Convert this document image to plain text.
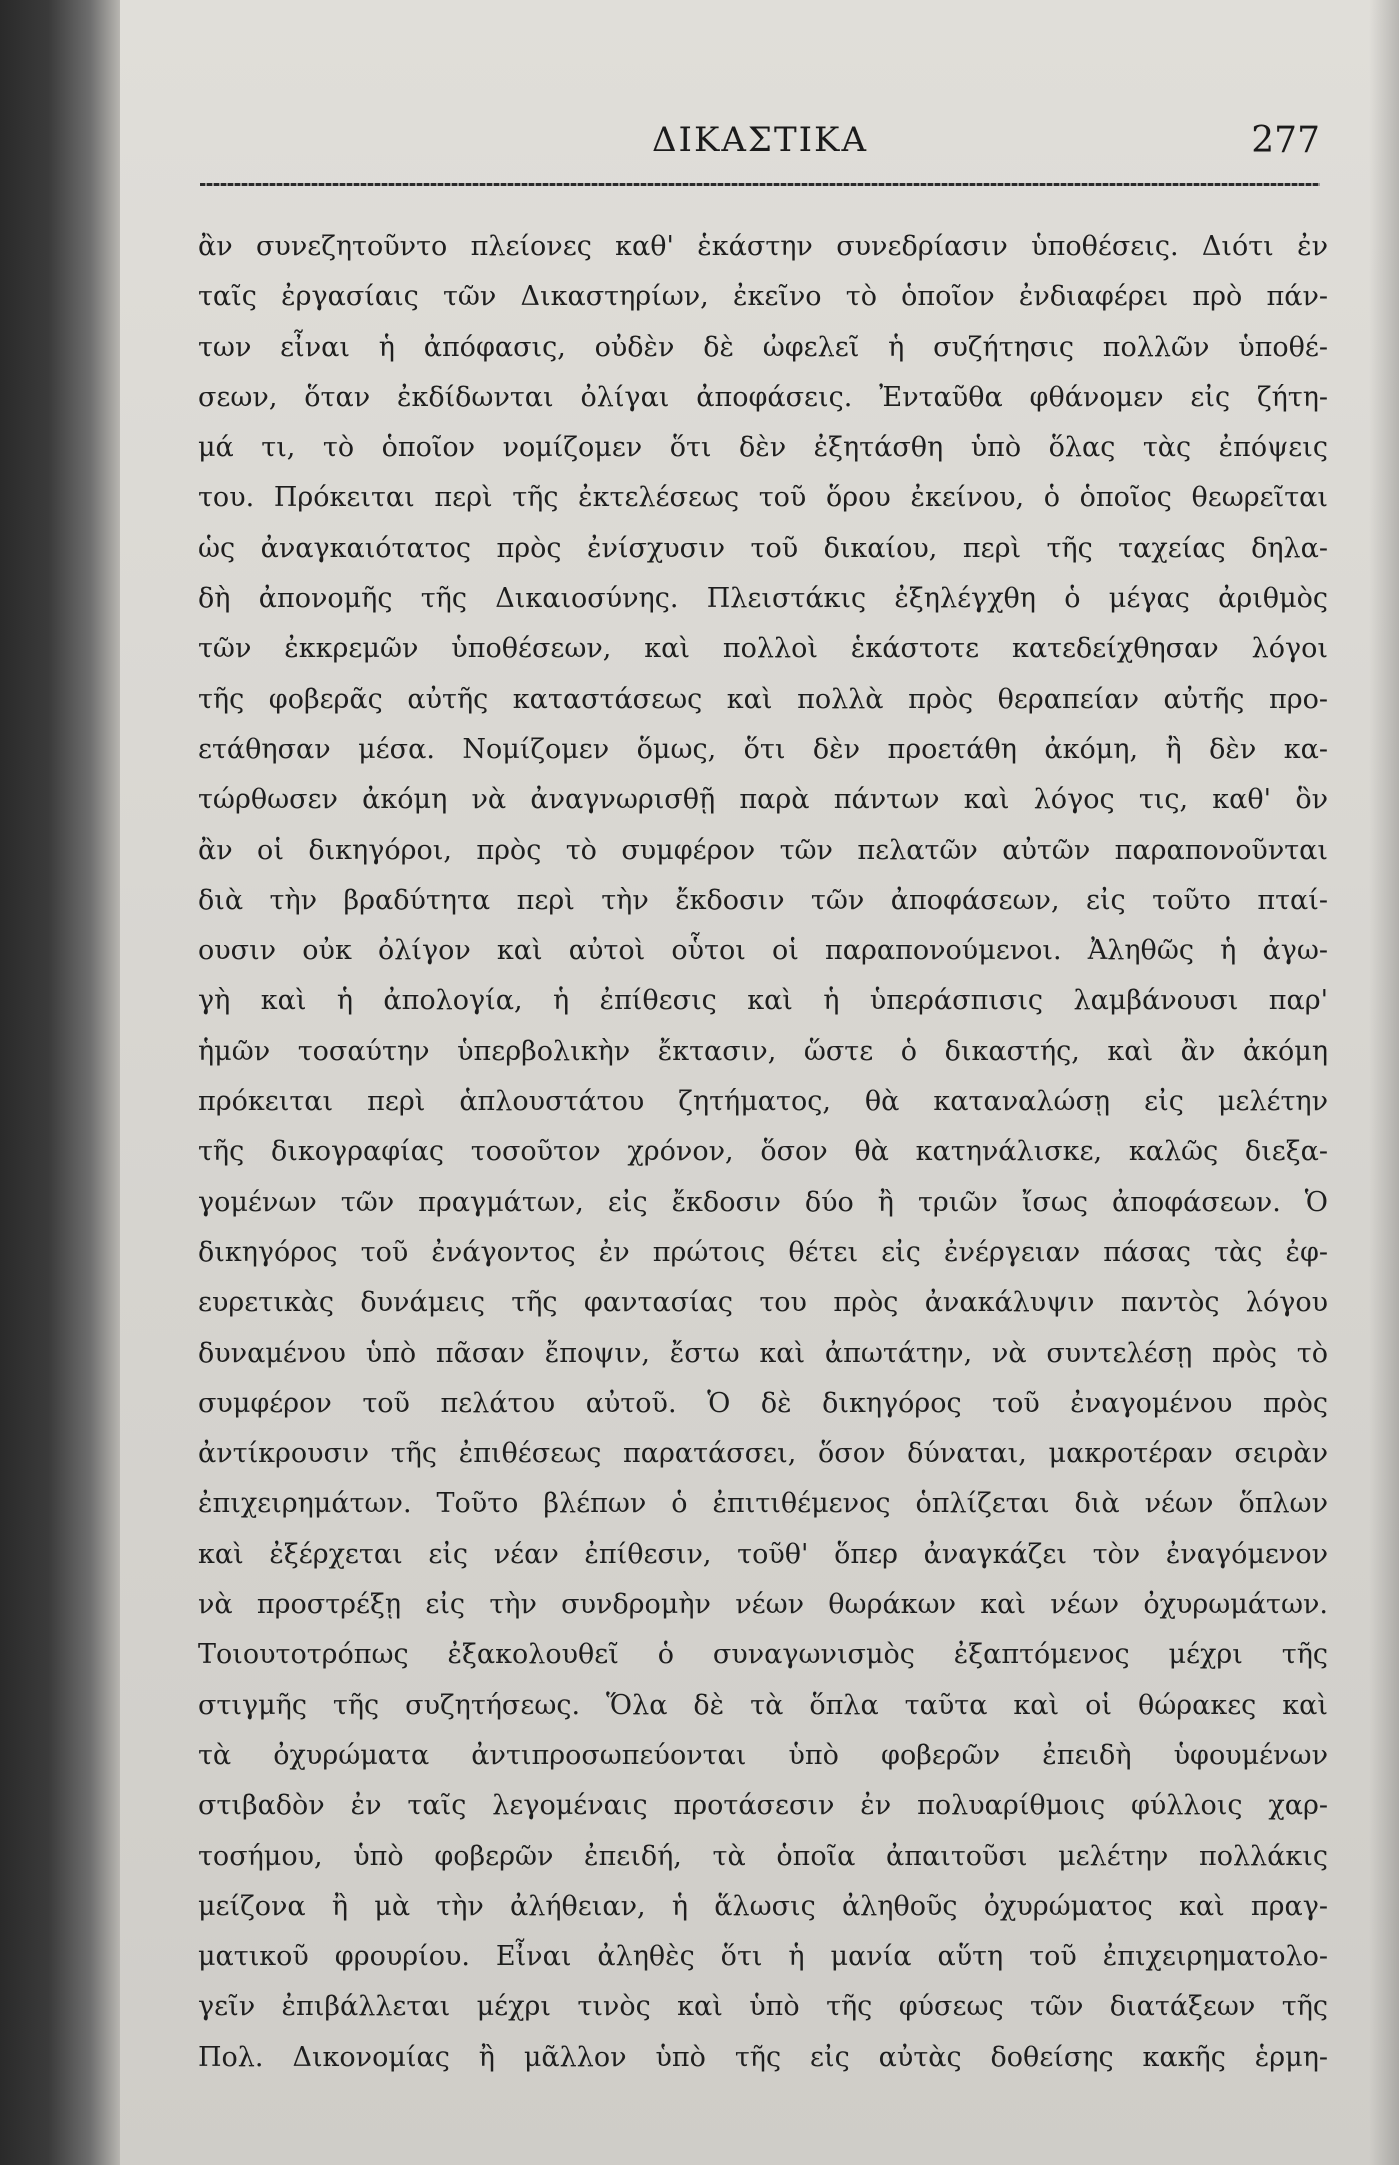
ΔΙΚΑΣΤΙΚΑ	277
ἂν συνεζητοῦντο πλείονες καθ' ἑκάστην συνεδρίασιν ὑποθέσεις. Διότι ἐν
ταῖς ἐργασίαις τῶν Δικαστηρίων, ἐκεῖνο τὸ ὁποῖον ἐνδιαφέρει πρὸ πάν-
των εἶναι ἡ ἀπόφασις, οὐδὲν δὲ ὠφελεῖ ἡ συζήτησις πολλῶν ὑποθέ-
σεων, ὅταν ἐκδίδωνται ὀλίγαι ἀποφάσεις. Ἐνταῦθα φθάνομεν εἰς ζήτη-
μά τι, τὸ ὁποῖον νομίζομεν ὅτι δὲν ἐξητάσθη ὑπὸ ὅλας τὰς ἐπόψεις
του. Πρόκειται περὶ τῆς ἐκτελέσεως τοῦ ὅρου ἐκείνου, ὁ ὁποῖος θεωρεῖται
ὡς ἀναγκαιότατος πρὸς ἐνίσχυσιν τοῦ δικαίου, περὶ τῆς ταχείας δηλα-
δὴ ἀπονομῆς τῆς Δικαιοσύνης. Πλειστάκις ἐξηλέγχθη ὁ μέγας ἀριθμὸς
τῶν ἐκκρεμῶν ὑποθέσεων, καὶ πολλοὶ ἑκάστοτε κατεδείχθησαν λόγοι
τῆς φοβερᾶς αὐτῆς καταστάσεως καὶ πολλὰ πρὸς θεραπείαν αὐτῆς προ-
ετάθησαν μέσα. Νομίζομεν ὅμως, ὅτι δὲν προετάθη ἀκόμη, ἢ δὲν κα-
τώρθωσεν ἀκόμη νὰ ἀναγνωρισθῇ παρὰ πάντων καὶ λόγος τις, καθ' ὃν
ἂν οἱ δικηγόροι, πρὸς τὸ συμφέρον τῶν πελατῶν αὐτῶν παραπονοῦνται
διὰ τὴν βραδύτητα περὶ τὴν ἔκδοσιν τῶν ἀποφάσεων, εἰς τοῦτο πταί-
ουσιν οὐκ ὀλίγον καὶ αὐτοὶ οὗτοι οἱ παραπονούμενοι. Ἀληθῶς ἡ ἀγω-
γὴ καὶ ἡ ἀπολογία, ἡ ἐπίθεσις καὶ ἡ ὑπεράσπισις λαμβάνουσι παρ'
ἡμῶν τοσαύτην ὑπερβολικὴν ἔκτασιν, ὥστε ὁ δικαστής, καὶ ἂν ἀκόμη
πρόκειται περὶ ἁπλουστάτου ζητήματος, θὰ καταναλώσῃ εἰς μελέτην
τῆς δικογραφίας τοσοῦτον χρόνον, ὅσον θὰ κατηνάλισκε, καλῶς διεξα-
γομένων τῶν πραγμάτων, εἰς ἔκδοσιν δύο ἢ τριῶν ἴσως ἀποφάσεων. Ὁ
δικηγόρος τοῦ ἐνάγοντος ἐν πρώτοις θέτει εἰς ἐνέργειαν πάσας τὰς ἐφ-
ευρετικὰς δυνάμεις τῆς φαντασίας του πρὸς ἀνακάλυψιν παντὸς λόγου
δυναμένου ὑπὸ πᾶσαν ἔποψιν, ἔστω καὶ ἀπωτάτην, νὰ συντελέσῃ πρὸς τὸ
συμφέρον τοῦ πελάτου αὐτοῦ. Ὁ δὲ δικηγόρος τοῦ ἐναγομένου πρὸς
ἀντίκρουσιν τῆς ἐπιθέσεως παρατάσσει, ὅσον δύναται, μακροτέραν σειρὰν
ἐπιχειρημάτων. Τοῦτο βλέπων ὁ ἐπιτιθέμενος ὁπλίζεται διὰ νέων ὅπλων
καὶ ἐξέρχεται εἰς νέαν ἐπίθεσιν, τοῦθ' ὅπερ ἀναγκάζει τὸν ἐναγόμενον
νὰ προστρέξῃ εἰς τὴν συνδρομὴν νέων θωράκων καὶ νέων ὀχυρωμάτων.
Τοιουτοτρόπως ἐξακολουθεῖ ὁ συναγωνισμὸς ἐξαπτόμενος μέχρι τῆς
στιγμῆς τῆς συζητήσεως. Ὅλα δὲ τὰ ὅπλα ταῦτα καὶ οἱ θώρακες καὶ
τὰ ὀχυρώματα ἀντιπροσωπεύονται ὑπὸ φοβερῶν ἐπειδὴ ὑφουμένων
στιβαδὸν ἐν ταῖς λεγομέναις προτάσεσιν ἐν πολυαρίθμοις φύλλοις χαρ-
τοσήμου, ὑπὸ φοβερῶν ἐπειδή, τὰ ὁποῖα ἀπαιτοῦσι μελέτην πολλάκις
μείζονα ἢ μὰ τὴν ἀλήθειαν, ἡ ἅλωσις ἀληθοῦς ὀχυρώματος καὶ πραγ-
ματικοῦ φρουρίου. Εἶναι ἀληθὲς ὅτι ἡ μανία αὕτη τοῦ ἐπιχειρηματολο-
γεῖν ἐπιβάλλεται μέχρι τινὸς καὶ ὑπὸ τῆς φύσεως τῶν διατάξεων τῆς
Πολ. Δικονομίας ἢ μᾶλλον ὑπὸ τῆς εἰς αὐτὰς δοθείσης κακῆς ἑρμη-
